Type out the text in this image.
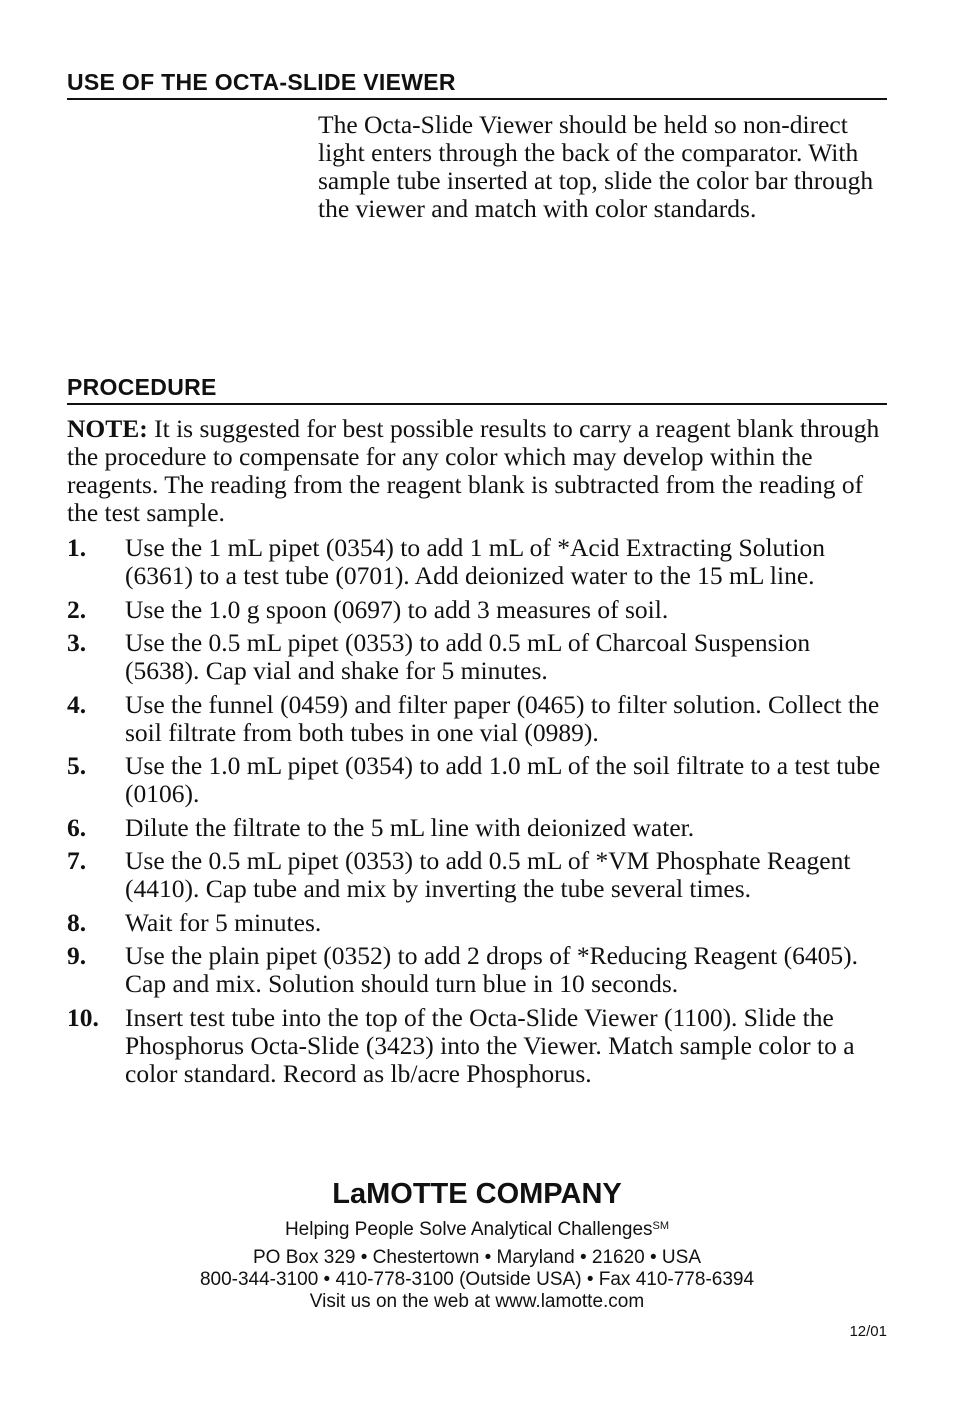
USE OF THE OCTA-SLIDE VIEWER
The Octa-Slide Viewer should be held so non-direct light enters through the back of the comparator. With sample tube inserted at top, slide the color bar through the viewer and match with color standards.
PROCEDURE
NOTE: It is suggested for best possible results to carry a reagent blank through the procedure to compensate for any color which may develop within the reagents. The reading from the reagent blank is subtracted from the reading of the test sample.
1.	Use the 1 mL pipet (0354) to add 1 mL of *Acid Extracting Solution (6361) to a test tube (0701). Add deionized water to the 15 mL line.
2.	Use the 1.0 g spoon (0697) to add 3 measures of soil.
3.	Use the 0.5 mL pipet (0353) to add 0.5 mL of Charcoal Suspension (5638). Cap vial and shake for 5 minutes.
4.	Use the funnel (0459) and filter paper (0465) to filter solution. Collect the soil filtrate from both tubes in one vial (0989).
5.	Use the 1.0 mL pipet (0354) to add 1.0 mL of the soil filtrate to a test tube (0106).
6.	Dilute the filtrate to the 5 mL line with deionized water.
7.	Use the 0.5 mL pipet (0353) to add 0.5 mL of *VM Phosphate Reagent (4410). Cap tube and mix by inverting the tube several times.
8.	Wait for 5 minutes.
9.	Use the plain pipet (0352) to add 2 drops of *Reducing Reagent (6405). Cap and mix. Solution should turn blue in 10 seconds.
10.	Insert test tube into the top of the Octa-Slide Viewer (1100). Slide the Phosphorus Octa-Slide (3423) into the Viewer. Match sample color to a color standard. Record as lb/acre Phosphorus.
LaMOTTE COMPANY
Helping People Solve Analytical Challenges℠
PO Box 329 • Chestertown • Maryland • 21620 • USA
800-344-3100 • 410-778-3100 (Outside USA) • Fax 410-778-6394
Visit us on the web at www.lamotte.com
12/01
